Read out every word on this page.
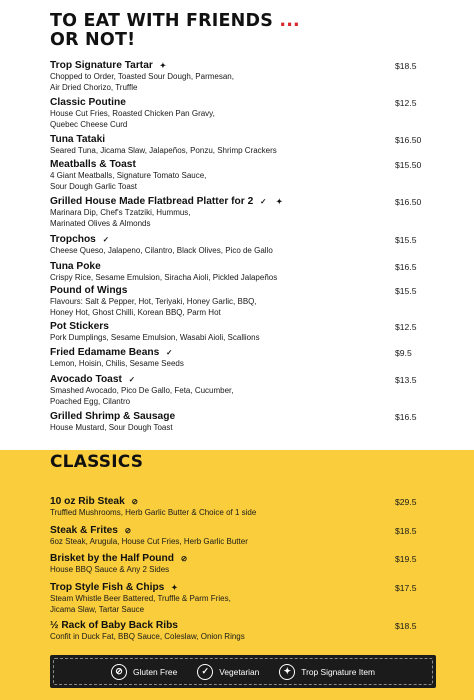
TO EAT WITH FRIENDS ...
OR NOT!
Trop Signature Tartar ✦
Chopped to Order, Toasted Sour Dough, Parmesan,
Air Dried Chorizo, Truffle
$18.5
Classic Poutine
House Cut Fries, Roasted Chicken Pan Gravy,
Quebec Cheese Curd
$12.5
Tuna Tataki
Seared Tuna, Jicama Slaw, Jalapeños, Ponzu, Shrimp Crackers
$16.50
Meatballs & Toast
4 Giant Meatballs, Signature Tomato Sauce,
Sour Dough Garlic Toast
$15.50
Grilled House Made Flatbread Platter for 2 ✓	✦
Marinara Dip, Chef's Tzatziki, Hummus,
Marinated Olives & Almonds
$16.50
Tropchos ✓
Cheese Queso, Jalapeno, Cilantro, Black Olives, Pico de Gallo
$15.5
Tuna Poke
Crispy Rice, Sesame Emulsion, Siracha Aioli, Pickled Jalapeños
$16.5
Pound of Wings
Flavours: Salt & Pepper, Hot, Teriyaki, Honey Garlic, BBQ,
Honey Hot, Ghost Chilli, Korean BBQ, Parm Hot
$15.5
Pot Stickers
Pork Dumplings, Sesame Emulsion, Wasabi Aioli, Scallions
$12.5
Fried Edamame Beans ✓
Lemon, Hoisin, Chilis, Sesame Seeds
$9.5
Avocado Toast ✓
Smashed Avocado, Pico De Gallo, Feta, Cucumber,
Poached Egg, Cilantro
$13.5
Grilled Shrimp & Sausage
House Mustard, Sour Dough Toast
$16.5
CLASSICS
10 oz Rib Steak ⊘
Truffled Mushrooms, Herb Garlic Butter & Choice of 1 side
$29.5
Steak & Frites ⊘
6oz Steak, Arugula, House Cut Fries, Herb Garlic Butter
$18.5
Brisket by the Half Pound ⊘
House BBQ Sauce & Any 2 Sides
$19.5
Trop Style Fish & Chips ✦
Steam Whistle Beer Battered, Truffle & Parm Fries,
Jicama Slaw, Tartar Sauce
$17.5
½ Rack of Baby Back Ribs
Confit in Duck Fat, BBQ Sauce, Coleslaw, Onion Rings
$18.5
⊘	Gluten Free	✓	Vegetarian	✦	Trop Signature Item
